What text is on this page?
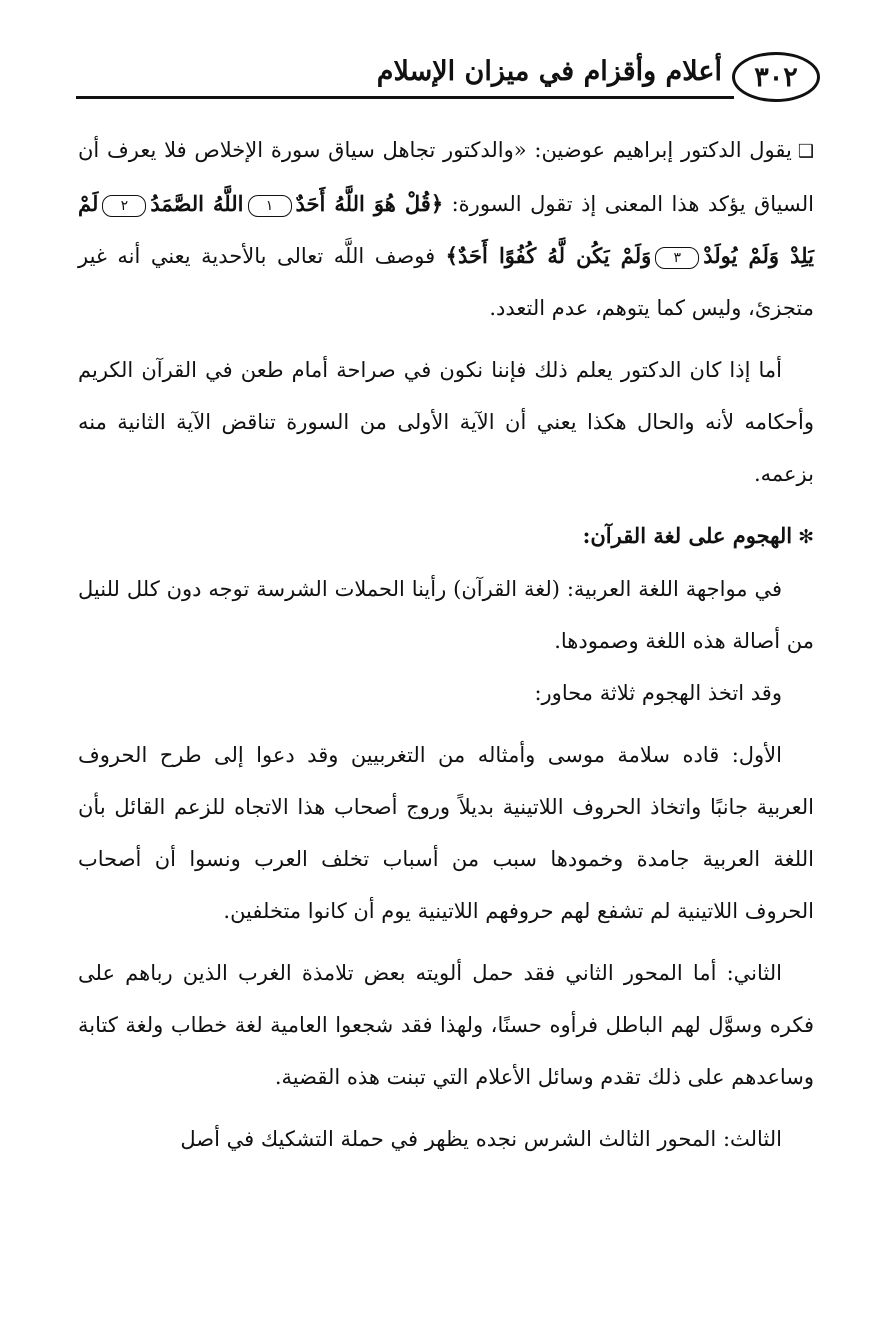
أعلام وأقزام في ميزان الإسلام ٣٠٢

❑يقول الدكتور إبراهيم عوضين: «والدكتور تجاهل سياق سورة الإخلاص فلا يعرف أن السياق يؤكد هذا المعنى إذ تقول السورة: ﴿قُلْ هُوَ اللَّهُ أَحَدٌ١اللَّهُ الصَّمَدُ٢لَمْ يَلِدْ وَلَمْ يُولَدْ٣وَلَمْ يَكُن لَّهُ كُفُوًا أَحَدٌ﴾ فوصف اللَّه تعالى بالأحدية يعني أنه غير متجزئ، وليس كما يتوهم، عدم التعدد.

أما إذا كان الدكتور يعلم ذلك فإننا نكون في صراحة أمام طعن في القرآن الكريم وأحكامه لأنه والحال هكذا يعني أن الآية الأولى من السورة تناقض الآية الثانية منه بزعمه.

✻الهجوم على لغة القرآن:

في مواجهة اللغة العربية: (لغة القرآن) رأينا الحملات الشرسة توجه دون كلل للنيل من أصالة هذه اللغة وصمودها.

وقد اتخذ الهجوم ثلاثة محاور:

الأول: قاده سلامة موسى وأمثاله من التغربيين وقد دعوا إلى طرح الحروف العربية جانبًا واتخاذ الحروف اللاتينية بديلاً وروج أصحاب هذا الاتجاه للزعم القائل بأن اللغة العربية جامدة وخمودها سبب من أسباب تخلف العرب ونسوا أن أصحاب الحروف اللاتينية لم تشفع لهم حروفهم اللاتينية يوم أن كانوا متخلفين.

الثاني: أما المحور الثاني فقد حمل ألويته بعض تلامذة الغرب الذين رباهم على فكره وسوَّل لهم الباطل فرأوه حسنًا، ولهذا فقد شجعوا العامية لغة خطاب ولغة كتابة وساعدهم على ذلك تقدم وسائل الأعلام التي تبنت هذه القضية.

الثالث: المحور الثالث الشرس نجده يظهر في حملة التشكيك في أصل
